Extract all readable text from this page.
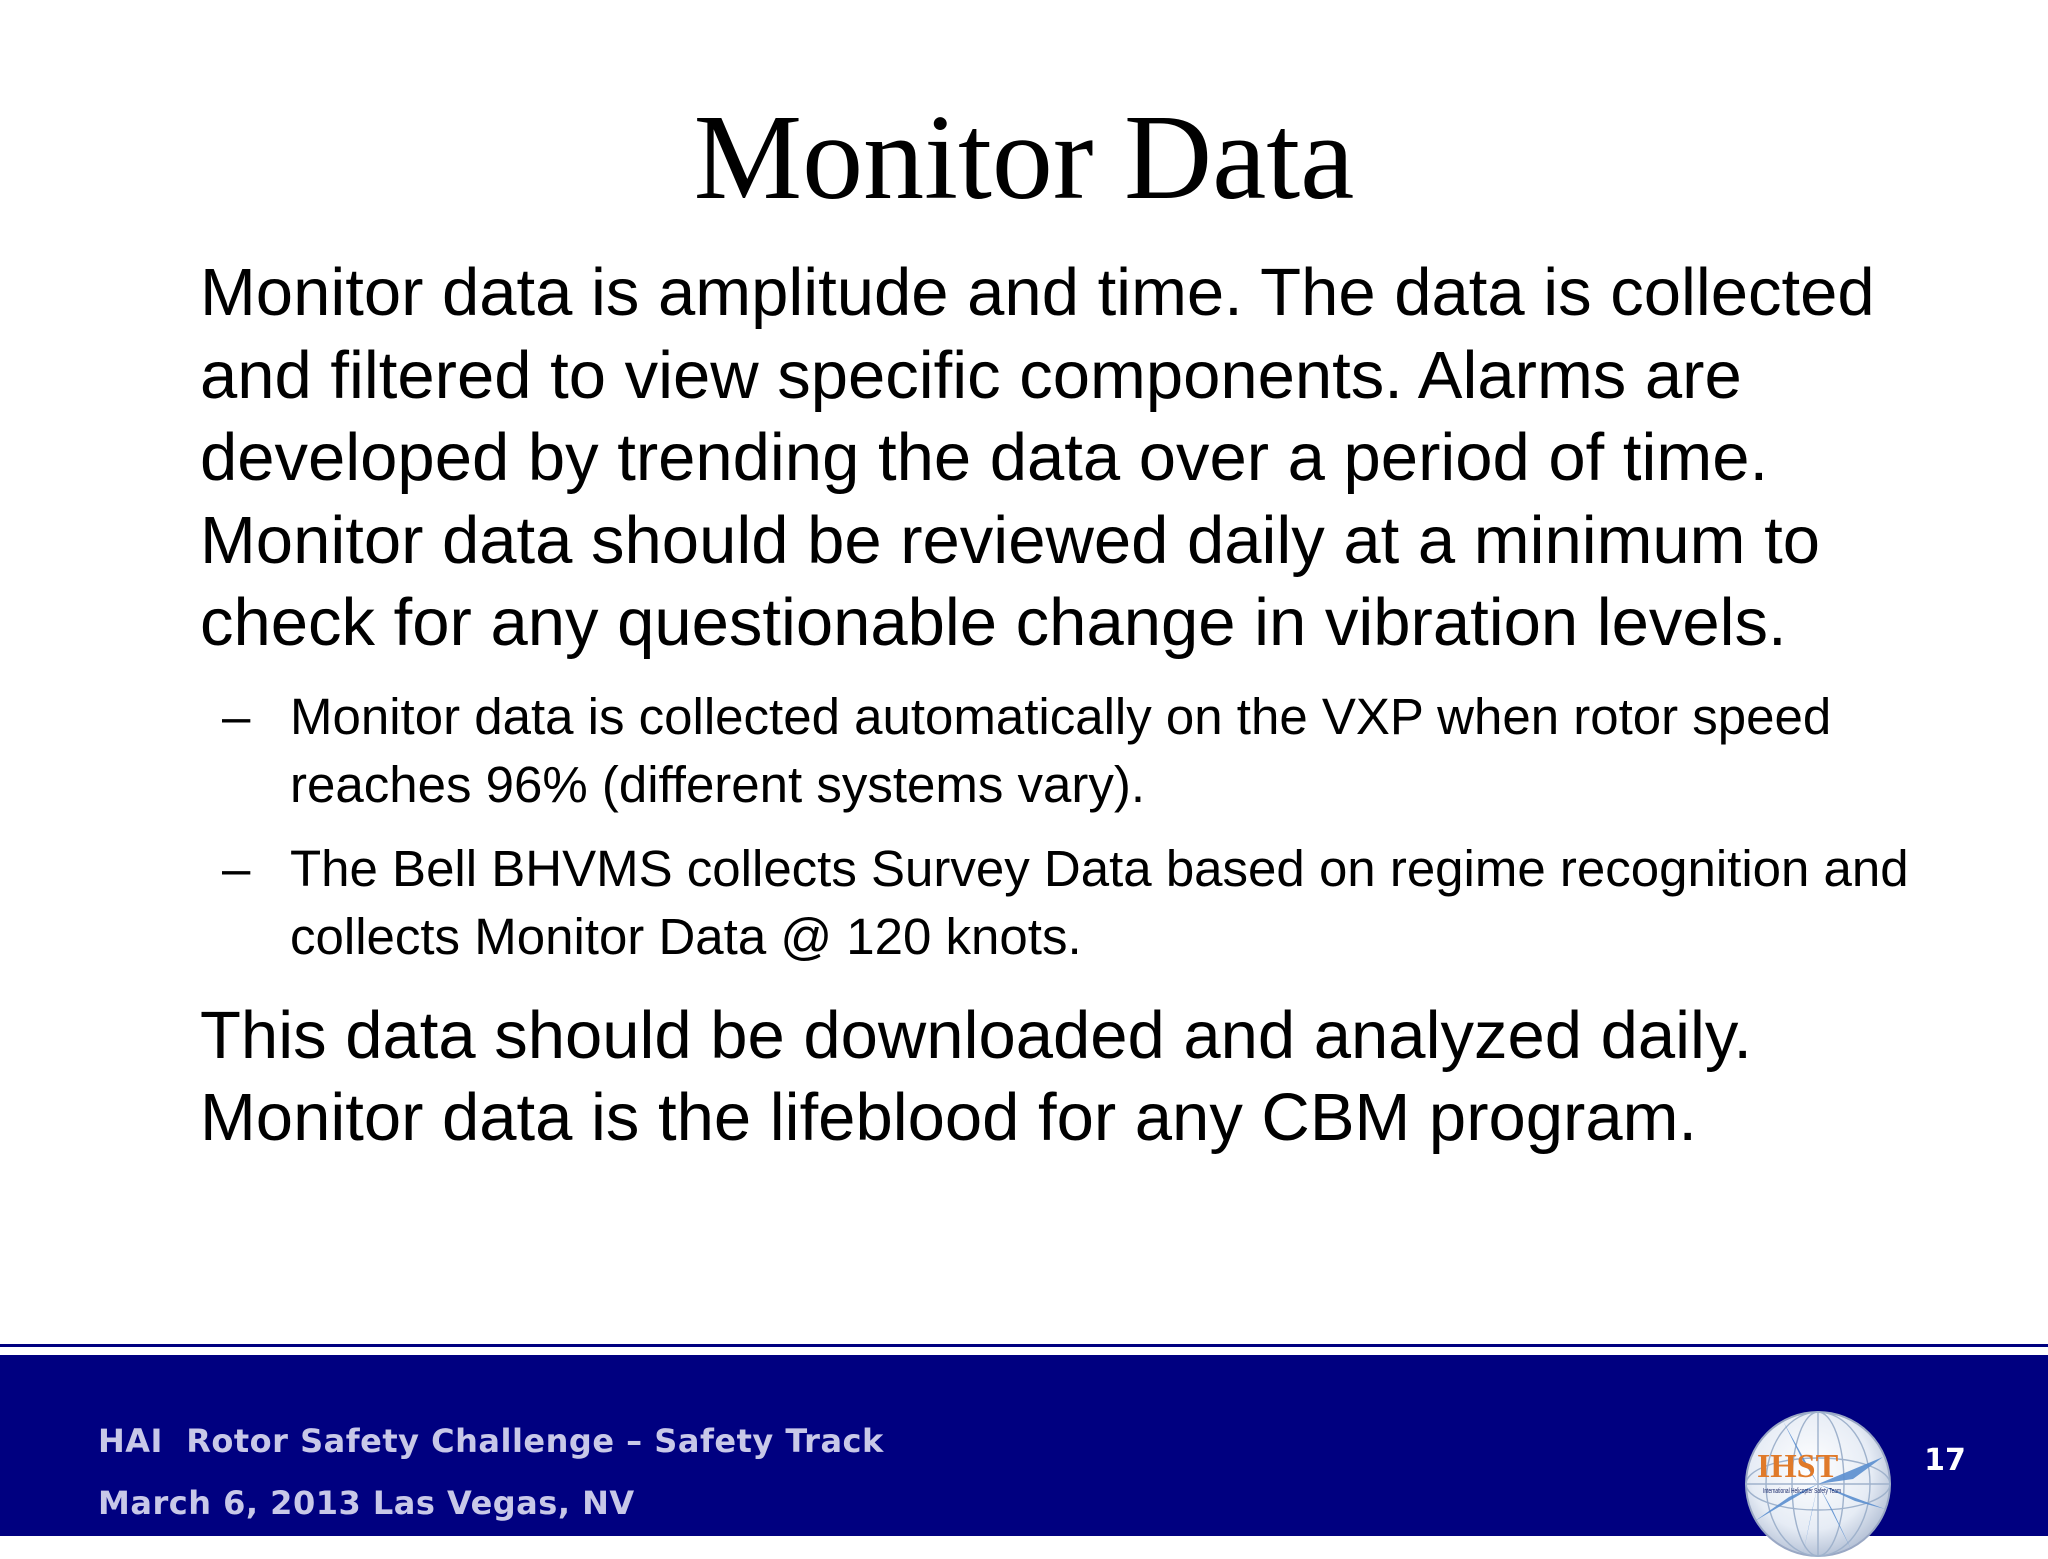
Monitor Data

Monitor data is amplitude and time. The data is collected and filtered to view specific components. Alarms are developed by trending the data over a period of time. Monitor data should be reviewed daily at a minimum to check for any questionable change in vibration levels.

– Monitor data is collected automatically on the VXP when rotor speed reaches 96% (different systems vary).
– The Bell BHVMS collects Survey Data based on regime recognition and collects Monitor Data @ 120 knots.

This data should be downloaded and analyzed daily. Monitor data is the lifeblood for any CBM program.

HAI  Rotor Safety Challenge – Safety Track
March 6, 2013 Las Vegas, NV
IHST
International Helicopter Safety Team
17
